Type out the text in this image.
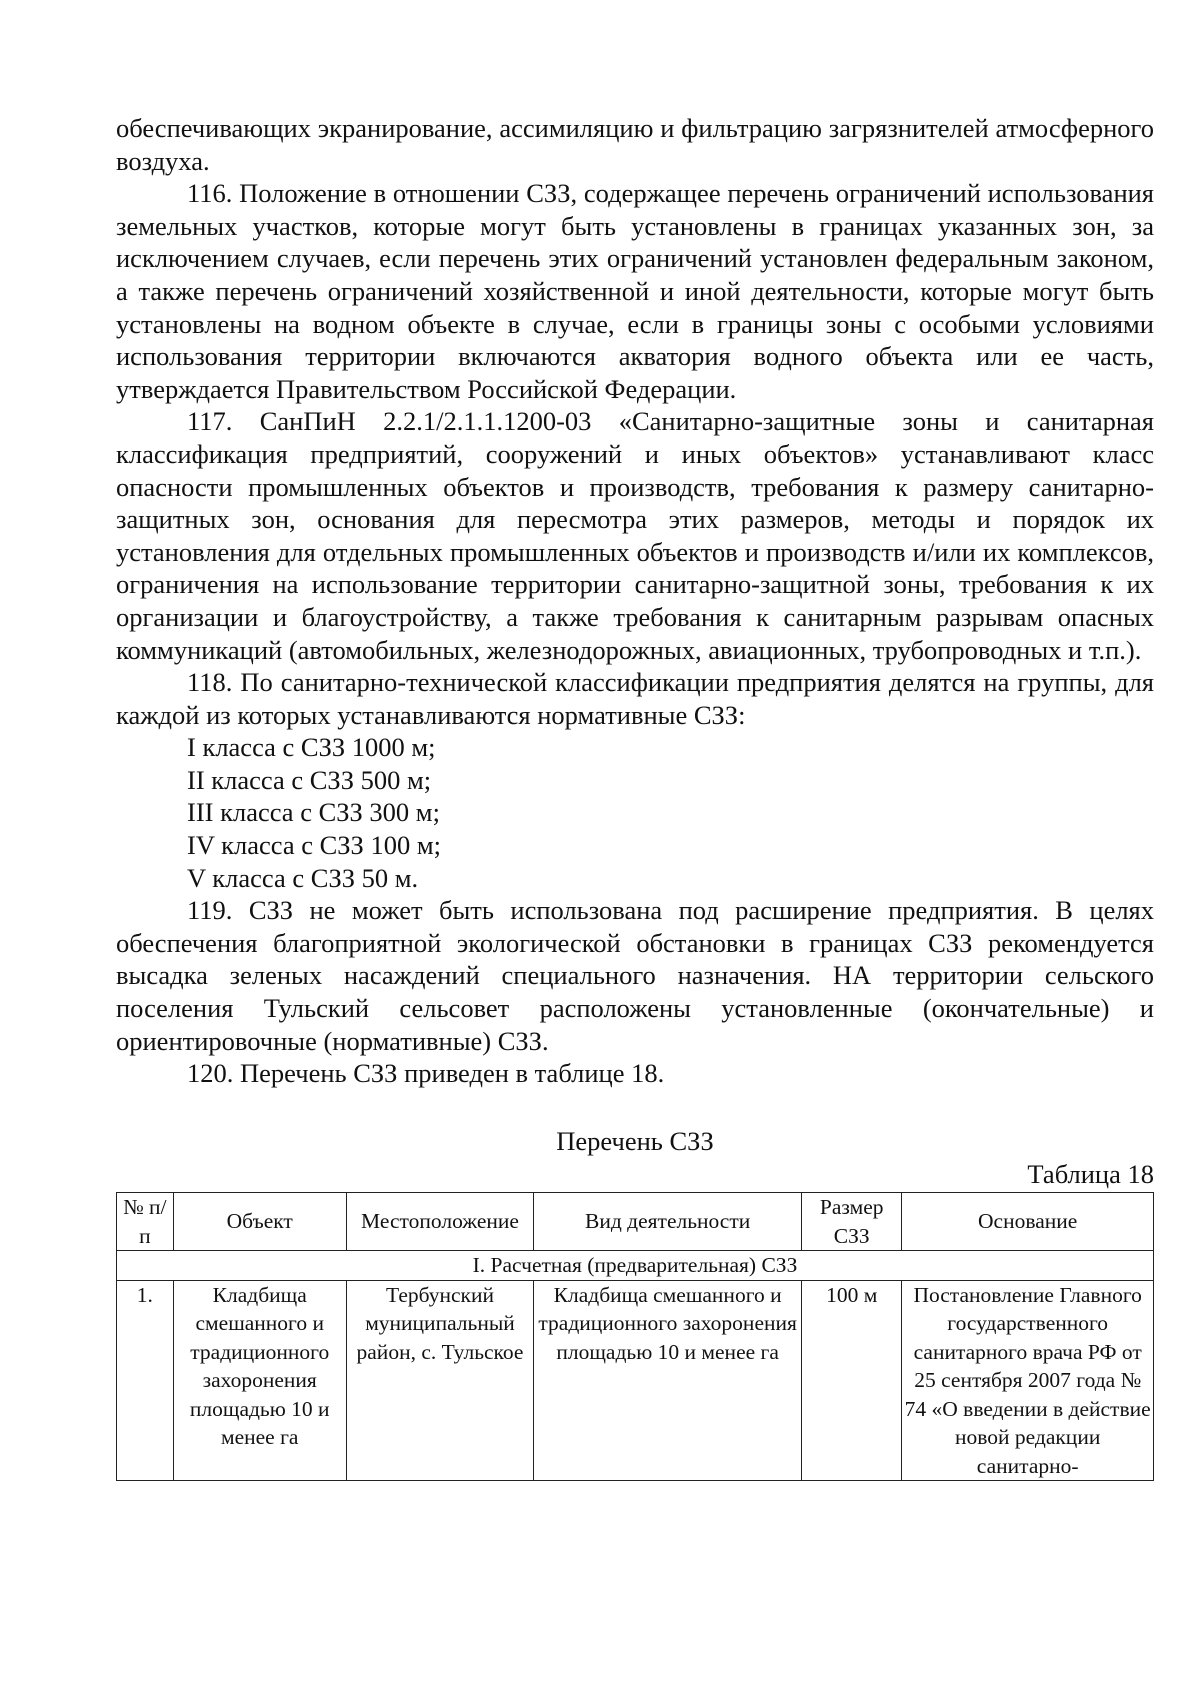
обеспечивающих экранирование, ассимиляцию и фильтрацию загрязнителей атмосферного воздуха.

116. Положение в отношении СЗЗ, содержащее перечень ограничений использования земельных участков, которые могут быть установлены в границах указанных зон, за исключением случаев, если перечень этих ограничений установлен федеральным законом, а также перечень ограничений хозяйственной и иной деятельности, которые могут быть установлены на водном объекте в случае, если в границы зоны с особыми условиями использования территории включаются акватория водного объекта или ее часть, утверждается Правительством Российской Федерации.

117. СанПиН 2.2.1/2.1.1.1200-03 «Санитарно-защитные зоны и санитарная классификация предприятий, сооружений и иных объектов» устанавливают класс опасности промышленных объектов и производств, требования к размеру санитарно-защитных зон, основания для пересмотра этих размеров, методы и порядок их установления для отдельных промышленных объектов и производств и/или их комплексов, ограничения на использование территории санитарно-защитной зоны, требования к их организации и благоустройству, а также требования к санитарным разрывам опасных коммуникаций (автомобильных, железнодорожных, авиационных, трубопроводных и т.п.).

118. По санитарно-технической классификации предприятия делятся на группы, для каждой из которых устанавливаются нормативные СЗЗ:

I класса с СЗЗ 1000 м;

II класса с СЗЗ 500 м;

III класса с СЗЗ 300 м;

IV класса с СЗЗ 100 м;

V класса с СЗЗ 50 м.

119. СЗЗ не может быть использована под расширение предприятия. В целях обеспечения благоприятной экологической обстановки в границах СЗЗ рекомендуется высадка зеленых насаждений специального назначения. НА территории сельского поселения Тульский сельсовет расположены установленные (окончательные) и ориентировочные (нормативные) СЗЗ.

120. Перечень СЗЗ приведен в таблице 18.

Перечень СЗЗ
Таблица 18
№ п/п	Объект	Местоположение	Вид деятельности	Размер СЗЗ	Основание
I. Расчетная (предварительная) СЗЗ					
1.	Кладбища смешанного и традиционного захоронения площадью 10 и менее га	Тербунский муниципальный район, с. Тульское	Кладбища смешанного и традиционного захоронения площадью 10 и менее га	100 м	Постановление Главного государственного санитарного врача РФ от 25 сентября 2007 года № 74 «О введении в действие новой редакции санитарно-
